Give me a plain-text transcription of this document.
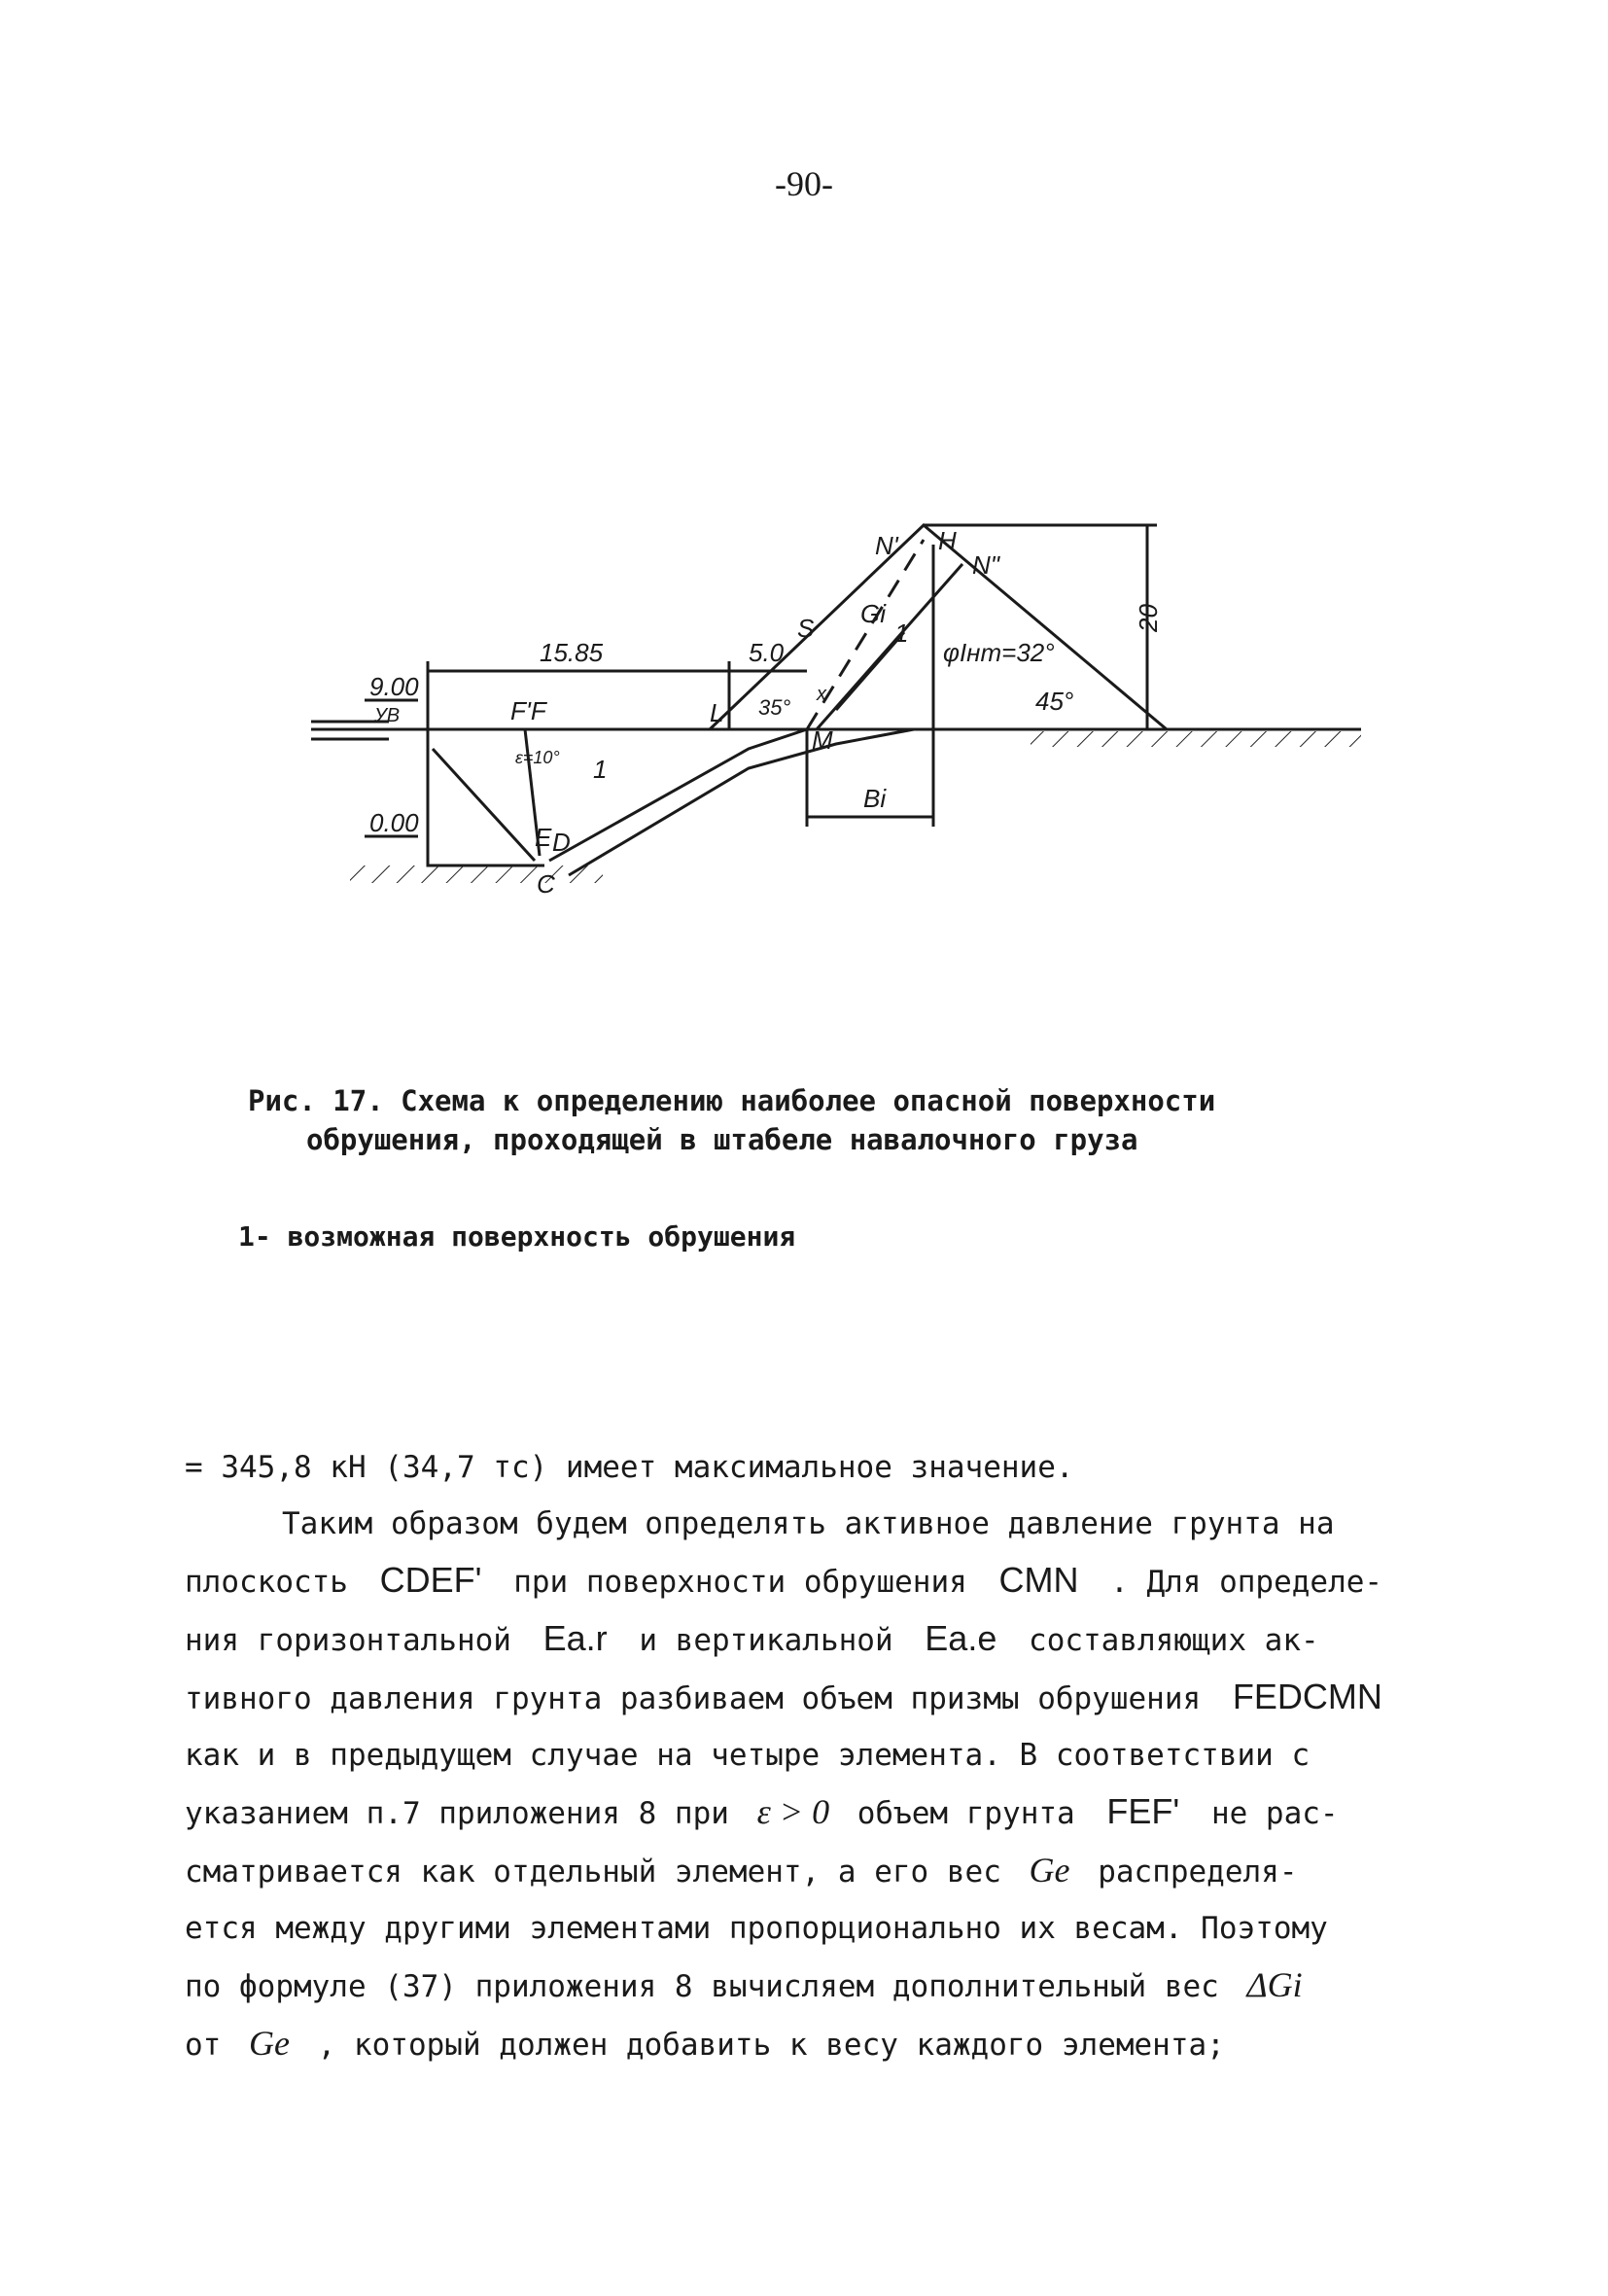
-90-
15.85	5.0
9.00
УВ
0.00
20
φIнт=32°
45°
35°
ε=10°
Bi
Gi
N'
N"
H
S
F'F	L
M
E D
C
1
1
x
Рис. 17. Схема к определению наиболее опасной поверхности
обрушения, проходящей в штабеле навалочного груза
1- возможная поверхность обрушения

= 345,8 кН (34,7 тс) имеет максимальное значение.

Таким образом будем определять активное давление грунта на

плоскость CDEF' при поверхности обрушения CMN . Для определе-

ния горизонтальной Ea.r и вертикальной Ea.e составляющих ак-

тивного давления грунта разбиваем объем призмы обрушения FEDCMN

как и в предыдущем случае на четыре элемента. В соответствии с

указанием п.7 приложения 8 при ε > 0 объем грунта FEF' не рас-

сматривается как отдельный элемент, а его вес Gе распределя-

ется между другими элементами пропорционально их весам. Поэтому

по формуле (37) приложения 8 вычисляем дополнительный вес ΔGi

от Gе , который должен добавить к весу каждого элемента;
